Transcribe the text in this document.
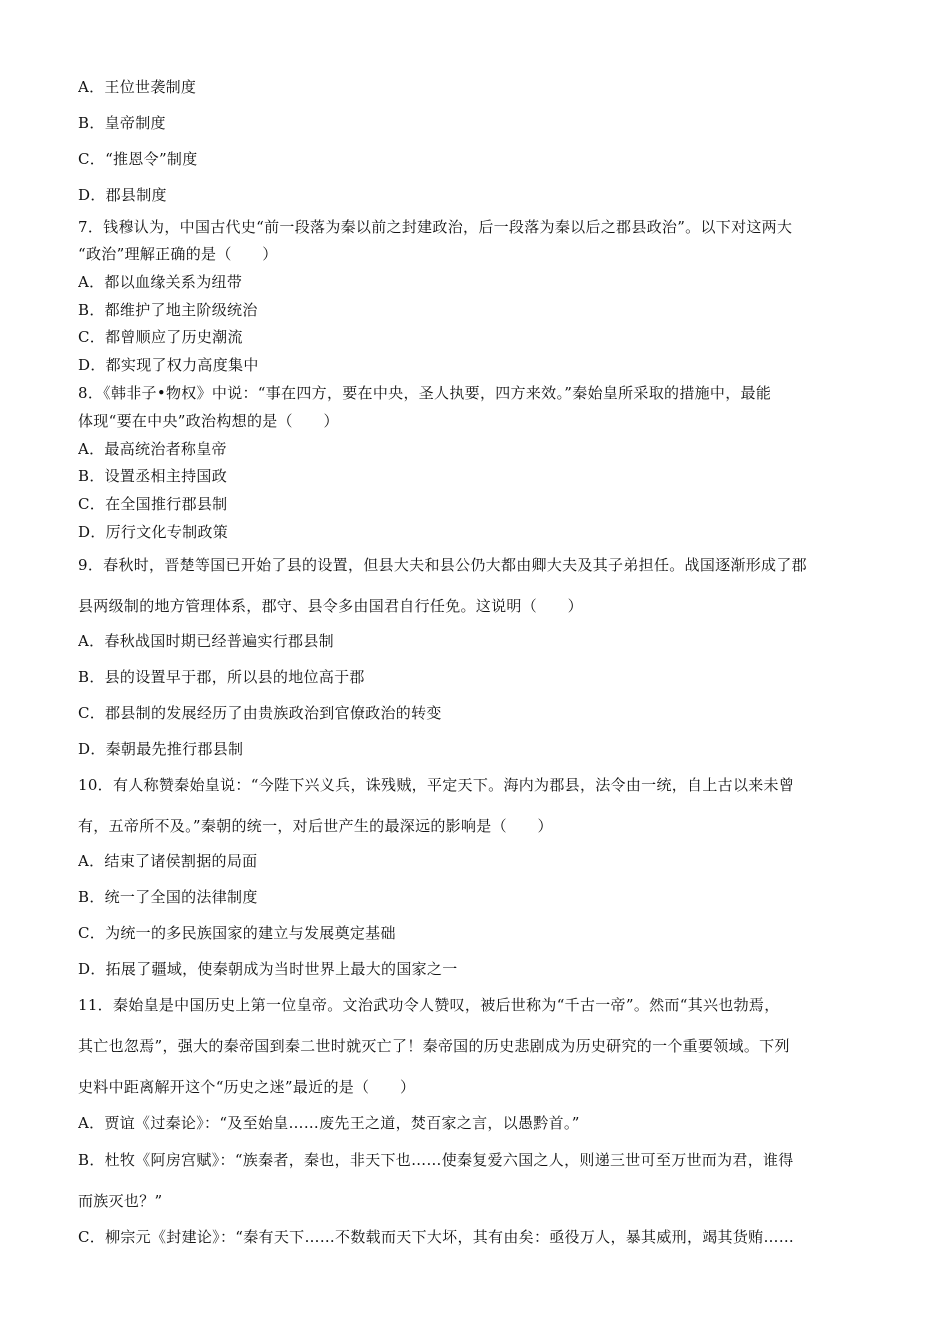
A．王位世袭制度
B．皇帝制度
C．“推恩令”制度
D．郡县制度
7．钱穆认为，中国古代史“前一段落为秦以前之封建政治，后一段落为秦以后之郡县政治”。以下对这两大
“政治”理解正确的是（　　）
A．都以血缘关系为纽带
B．都维护了地主阶级统治
C．都曾顺应了历史潮流
D．都实现了权力高度集中
8．《韩非子•物权》中说：“事在四方，要在中央，圣人执要，四方来效。”秦始皇所采取的措施中，最能
体现“要在中央”政治构想的是（　　）
A．最高统治者称皇帝
B．设置丞相主持国政
C．在全国推行郡县制
D．厉行文化专制政策
9．春秋时，晋楚等国已开始了县的设置，但县大夫和县公仍大都由卿大夫及其子弟担任。战国逐渐形成了郡
县两级制的地方管理体系，郡守、县令多由国君自行任免。这说明（　　）
A．春秋战国时期已经普遍实行郡县制
B．县的设置早于郡，所以县的地位高于郡
C．郡县制的发展经历了由贵族政治到官僚政治的转变
D．秦朝最先推行郡县制
10．有人称赞秦始皇说：“今陛下兴义兵，诛残贼，平定天下。海内为郡县，法令由一统，自上古以来未曾
有，五帝所不及。”秦朝的统一，对后世产生的最深远的影响是（　　）
A．结束了诸侯割据的局面
B．统一了全国的法律制度
C．为统一的多民族国家的建立与发展奠定基础
D．拓展了疆域，使秦朝成为当时世界上最大的国家之一
11．秦始皇是中国历史上第一位皇帝。文治武功令人赞叹，被后世称为“千古一帝”。然而“其兴也勃焉，
其亡也忽焉”，强大的秦帝国到秦二世时就灭亡了！秦帝国的历史悲剧成为历史研究的一个重要领域。下列
史料中距离解开这个“历史之迷”最近的是（　　）
A．贾谊《过秦论》：“及至始皇……废先王之道，焚百家之言，以愚黔首。”
B．杜牧《阿房宫赋》：“族秦者，秦也，非天下也……使秦复爱六国之人，则递三世可至万世而为君，谁得
而族灭也？”
C．柳宗元《封建论》：“秦有天下……不数载而天下大坏，其有由矣：亟役万人，暴其威刑，竭其货贿……
